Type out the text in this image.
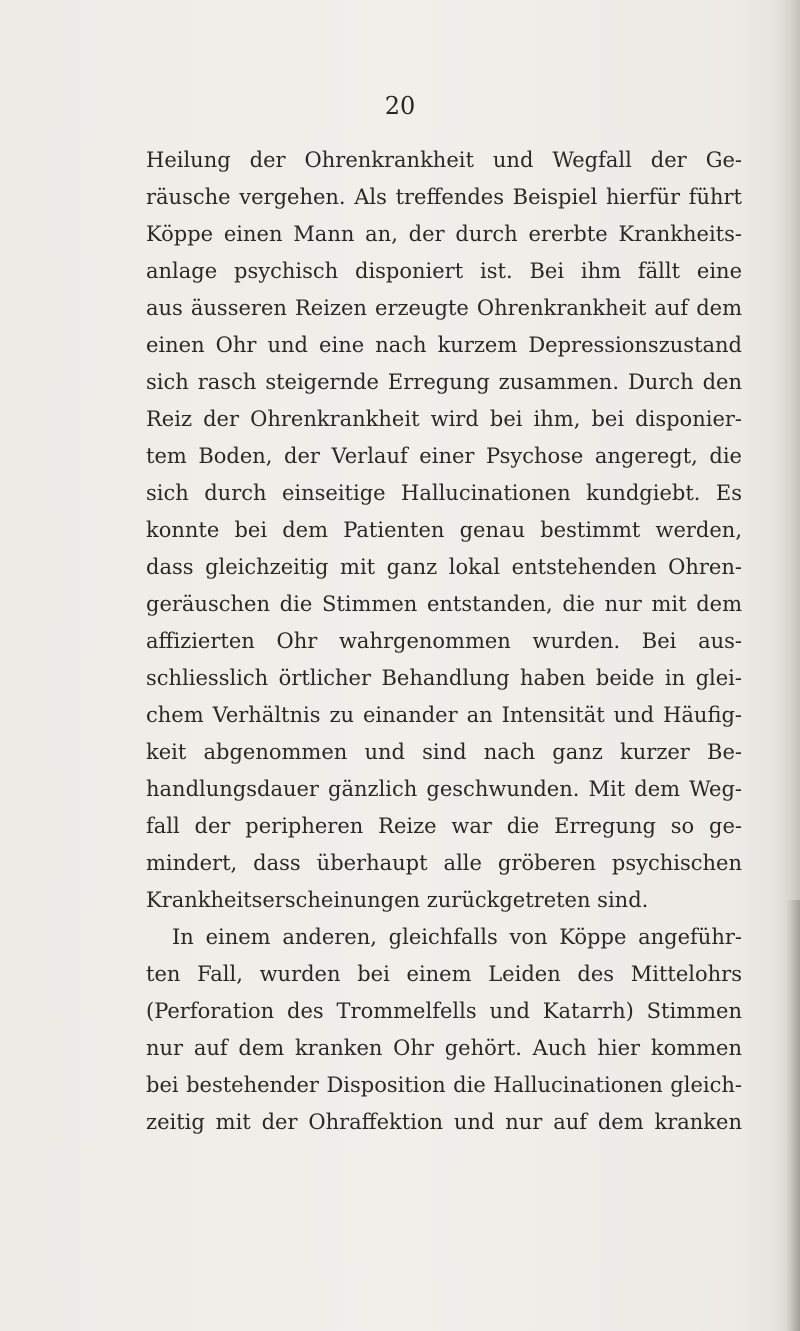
20
Heilung der Ohrenkrankheit und Wegfall der Ge-
räusche vergehen. Als treffendes Beispiel hierfür führt
Köppe einen Mann an, der durch ererbte Krankheits-
anlage psychisch disponiert ist. Bei ihm fällt eine
aus äusseren Reizen erzeugte Ohrenkrankheit auf dem
einen Ohr und eine nach kurzem Depressionszustand
sich rasch steigernde Erregung zusammen. Durch den
Reiz der Ohrenkrankheit wird bei ihm, bei disponier-
tem Boden, der Verlauf einer Psychose angeregt, die
sich durch einseitige Hallucinationen kundgiebt. Es
konnte bei dem Patienten genau bestimmt werden,
dass gleichzeitig mit ganz lokal entstehenden Ohren-
geräuschen die Stimmen entstanden, die nur mit dem
affizierten Ohr wahrgenommen wurden. Bei aus-
schliesslich örtlicher Behandlung haben beide in glei-
chem Verhältnis zu einander an Intensität und Häufig-
keit abgenommen und sind nach ganz kurzer Be-
handlungsdauer gänzlich geschwunden. Mit dem Weg-
fall der peripheren Reize war die Erregung so ge-
mindert, dass überhaupt alle gröberen psychischen
Krankheitserscheinungen zurückgetreten sind.
In einem anderen, gleichfalls von Köppe angeführ-
ten Fall, wurden bei einem Leiden des Mittelohrs
(Perforation des Trommelfells und Katarrh) Stimmen
nur auf dem kranken Ohr gehört. Auch hier kommen
bei bestehender Disposition die Hallucinationen gleich-
zeitig mit der Ohraffektion und nur auf dem kranken
